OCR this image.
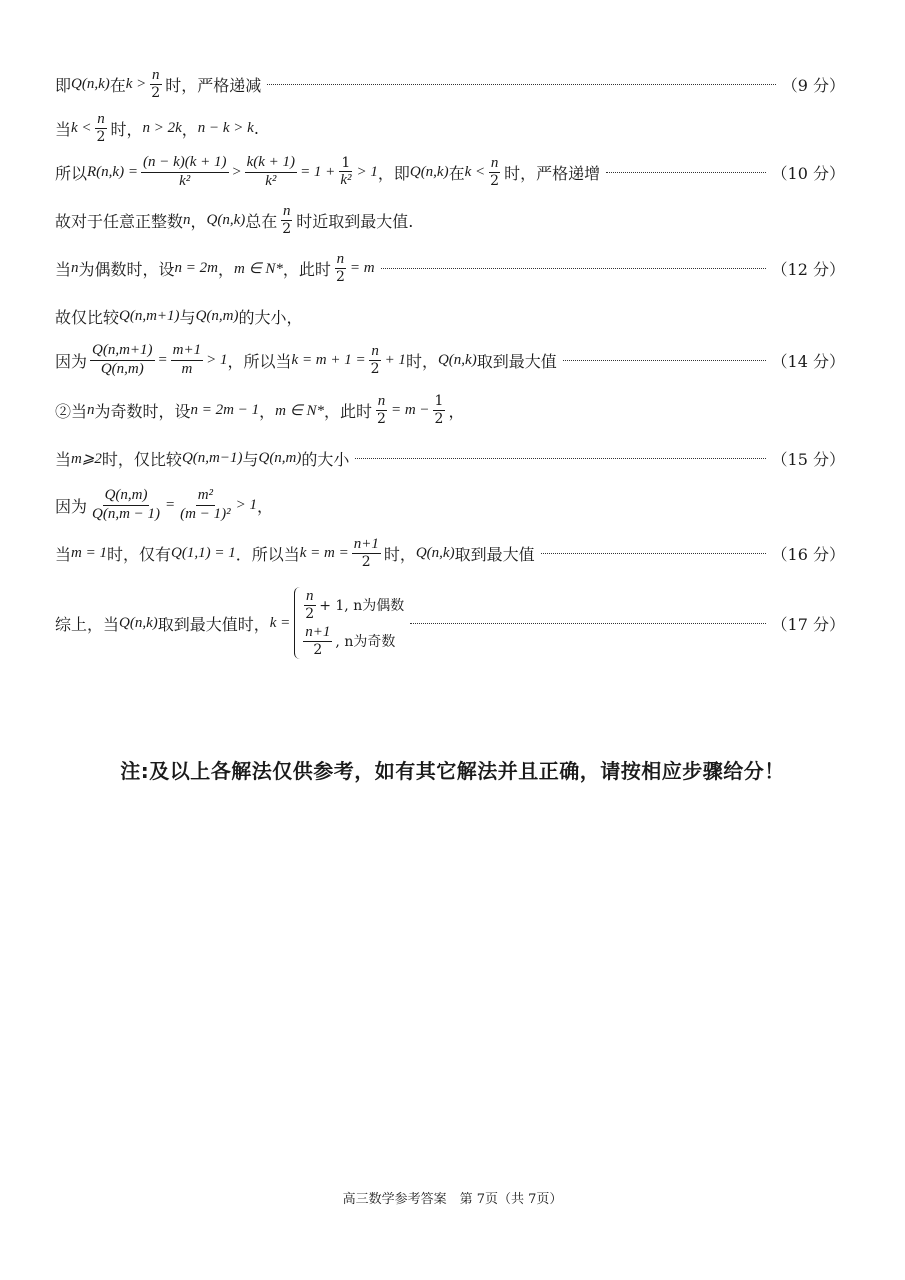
即 Q(n,k) 在 $k > \frac{n}{2}$ 时，严格递减	（9 分）
当 $k < \frac{n}{2}$ 时， n > 2k ， n − k > k .
所以 $R(n,k) = \frac{(n - k)(k + 1)}{\text{k²}} > \frac{k(k + 1)}{\text{k²}} = 1 + \frac{1}{\text{k²}} > 1$ ，即 Q(n,k) 在 $k < \frac{n}{2}$ 时，严格递增	（10 分）
故对于任意正整数 n ， Q(n,k) 总在 $\frac{n}{2}$ 时近取到最大值.
当 n 为偶数时，设 n = 2m ， m ∈ N* ，此时 $\frac{n}{2} = m$	（12 分）
故仅比较 Q(n,m+1) 与 Q(n,m) 的大小，
因为 $\frac{Q(n,m+1)}{Q(n,m)} = \frac{m+1}{m} > 1$ ，所以当 $k = m + 1 = \frac{n}{2} + 1$ 时， Q(n,k) 取到最大值	（14 分）
②当 n 为奇数时，设 n = 2m − 1 ， m ∈ N* ，此时 $\frac{n}{2} = m - \frac{1}{2}$ ，
当 m⩾2 时，仅比较 Q(n,m−1) 与 Q(n,m) 的大小	（15 分）
因为 $\frac{Q(n,m)}{Q(n,m - 1)} = \frac{\text{m²}}{\text{(m − 1)²}} > 1$ ，
当 m = 1 时，仅有 Q(1,1) = 1 ．所以当 $k = m = \frac{n+1}{2}$ 时， Q(n,k) 取到最大值	（16 分）
综上，当 Q(n,k) 取到最大值时， k =
$\frac{n}{2} + 1$, n为偶数
$\frac{n+1}{2}$ , n为奇数
（17 分）
注:及以上各解法仅供参考，如有其它解法并且正确，请按相应步骤给分！
高三数学参考答案　第 7页（共 7页）
